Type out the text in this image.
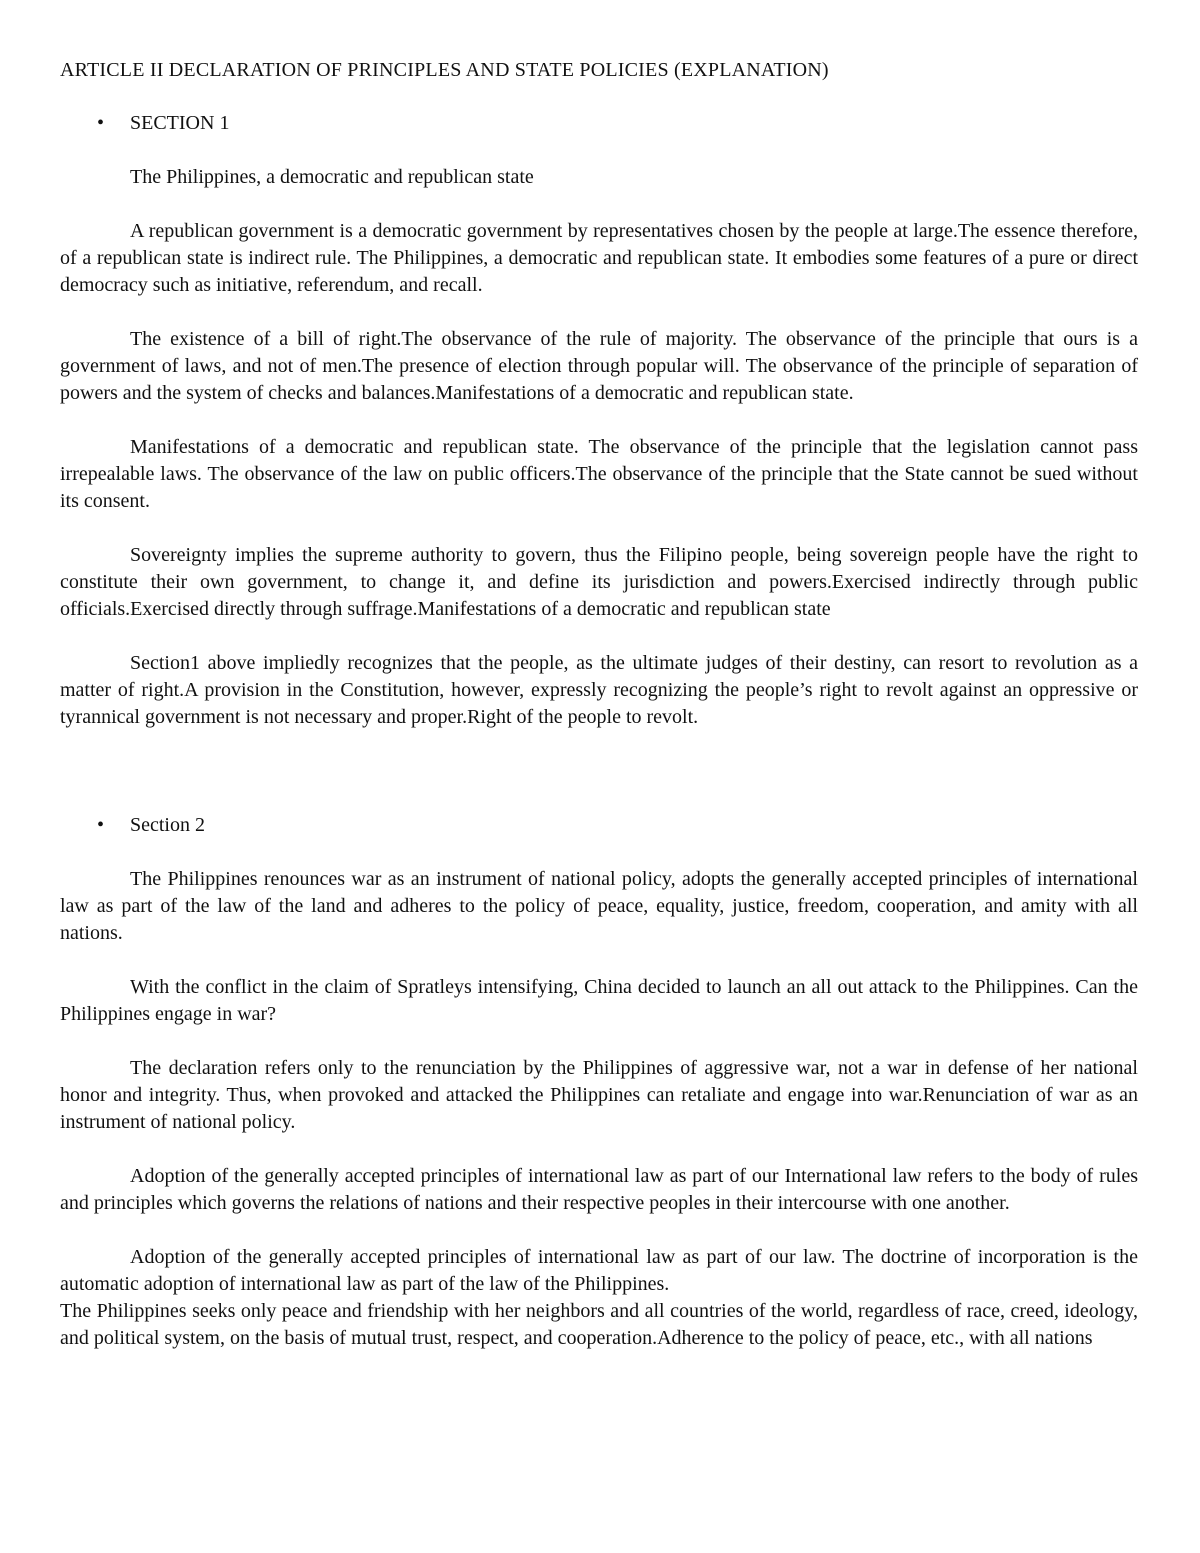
ARTICLE II DECLARATION OF PRINCIPLES AND STATE POLICIES (EXPLANATION)
•	SECTION 1

The Philippines, a democratic and republican state

A republican government is a democratic government by representatives chosen by the people at large.The essence therefore, of a republican state is indirect rule. The Philippines, a democratic and republican state. It embodies some features of a pure or direct democracy such as initiative, referendum, and recall.

The existence of a bill of right.The observance of the rule of majority. The observance of the principle that ours is a government of laws, and not of men.The presence of election through popular will. The observance of the principle of separation of powers and the system of checks and balances.Manifestations of a democratic and republican state.

Manifestations of a democratic and republican state. The observance of the principle that the legislation cannot pass irrepealable laws. The observance of the law on public officers.The observance of the principle that the State cannot be sued without its consent.

Sovereignty implies the supreme authority to govern, thus the Filipino people, being sovereign people have the right to constitute their own government, to change it, and define its jurisdiction and powers.Exercised indirectly through public officials.Exercised directly through suffrage.Manifestations of a democratic and republican state

Section1 above impliedly recognizes that the people, as the ultimate judges of their destiny, can resort to revolution as a matter of right.A provision in the Constitution, however, expressly recognizing the people’s right to revolt against an oppressive or tyrannical government is not necessary and proper.Right of the people to revolt.

•	Section 2

The Philippines renounces war as an instrument of national policy, adopts the generally accepted principles of international law as part of the law of the land and adheres to the policy of peace, equality, justice, freedom, cooperation, and amity with all nations.

With the conflict in the claim of Spratleys intensifying, China decided to launch an all out attack to the Philippines. Can the Philippines engage in war?

The declaration refers only to the renunciation by the Philippines of aggressive war, not a war in defense of her national honor and integrity. Thus, when provoked and attacked the Philippines can retaliate and engage into war.Renunciation of war as an instrument of national policy.

Adoption of the generally accepted principles of international law as part of our International law refers to the body of rules and principles which governs the relations of nations and their respective peoples in their intercourse with one another.

Adoption of the generally accepted principles of international law as part of our law. The doctrine of incorporation is the automatic adoption of international law as part of the law of the Philippines.

The Philippines seeks only peace and friendship with her neighbors and all countries of the world, regardless of race, creed, ideology, and political system, on the basis of mutual trust, respect, and cooperation.Adherence to the policy of peace, etc., with all nations
